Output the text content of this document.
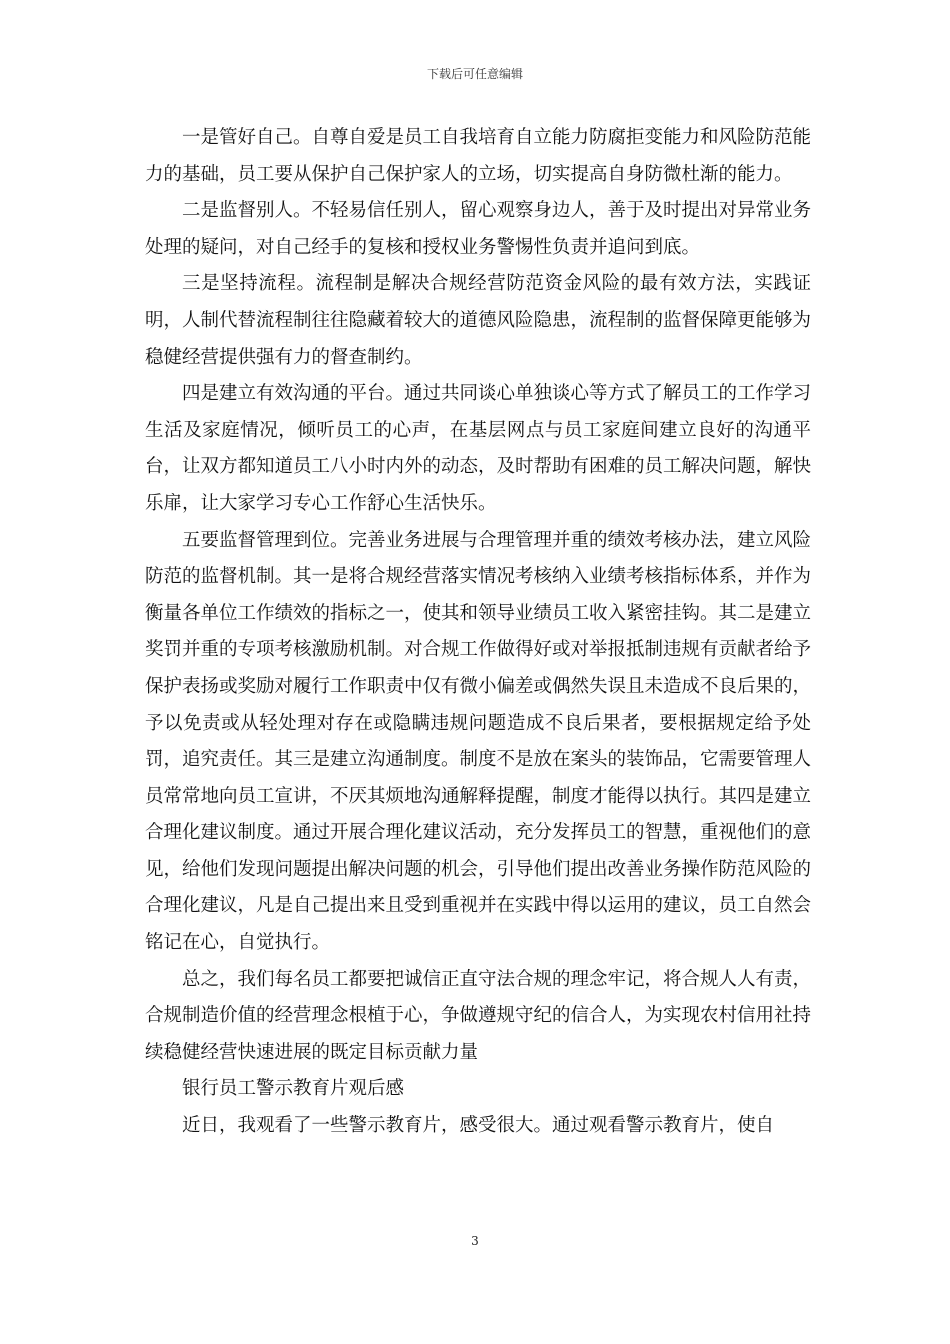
下载后可任意编辑

一是管好自己。自尊自爱是员工自我培育自立能力防腐拒变能力和风险防范能力的基础，员工要从保护自己保护家人的立场，切实提高自身防微杜渐的能力。

二是监督别人。不轻易信任别人，留心观察身边人，善于及时提出对异常业务处理的疑问，对自己经手的复核和授权业务警惕性负责并追问到底。

三是坚持流程。流程制是解决合规经营防范资金风险的最有效方法，实践证明，人制代替流程制往往隐藏着较大的道德风险隐患，流程制的监督保障更能够为稳健经营提供强有力的督查制约。

四是建立有效沟通的平台。通过共同谈心单独谈心等方式了解员工的工作学习生活及家庭情况，倾听员工的心声，在基层网点与员工家庭间建立良好的沟通平台，让双方都知道员工八小时内外的动态，及时帮助有困难的员工解决问题，解快乐扉，让大家学习专心工作舒心生活快乐。

五要监督管理到位。完善业务进展与合理管理并重的绩效考核办法，建立风险防范的监督机制。其一是将合规经营落实情况考核纳入业绩考核指标体系，并作为衡量各单位工作绩效的指标之一，使其和领导业绩员工收入紧密挂钩。其二是建立奖罚并重的专项考核激励机制。对合规工作做得好或对举报抵制违规有贡献者给予保护表扬或奖励对履行工作职责中仅有微小偏差或偶然失误且未造成不良后果的，予以免责或从轻处理对存在或隐瞒违规问题造成不良后果者，要根据规定给予处罚，追究责任。其三是建立沟通制度。制度不是放在案头的装饰品，它需要管理人员常常地向员工宣讲，不厌其烦地沟通解释提醒，制度才能得以执行。其四是建立合理化建议制度。通过开展合理化建议活动，充分发挥员工的智慧，重视他们的意见，给他们发现问题提出解决问题的机会，引导他们提出改善业务操作防范风险的合理化建议，凡是自己提出来且受到重视并在实践中得以运用的建议，员工自然会铭记在心，自觉执行。

总之，我们每名员工都要把诚信正直守法合规的理念牢记，将合规人人有责，合规制造价值的经营理念根植于心，争做遵规守纪的信合人，为实现农村信用社持续稳健经营快速进展的既定目标贡献力量

银行员工警示教育片观后感

近日，我观看了一些警示教育片，感受很大。通过观看警示教育片，使自

3
